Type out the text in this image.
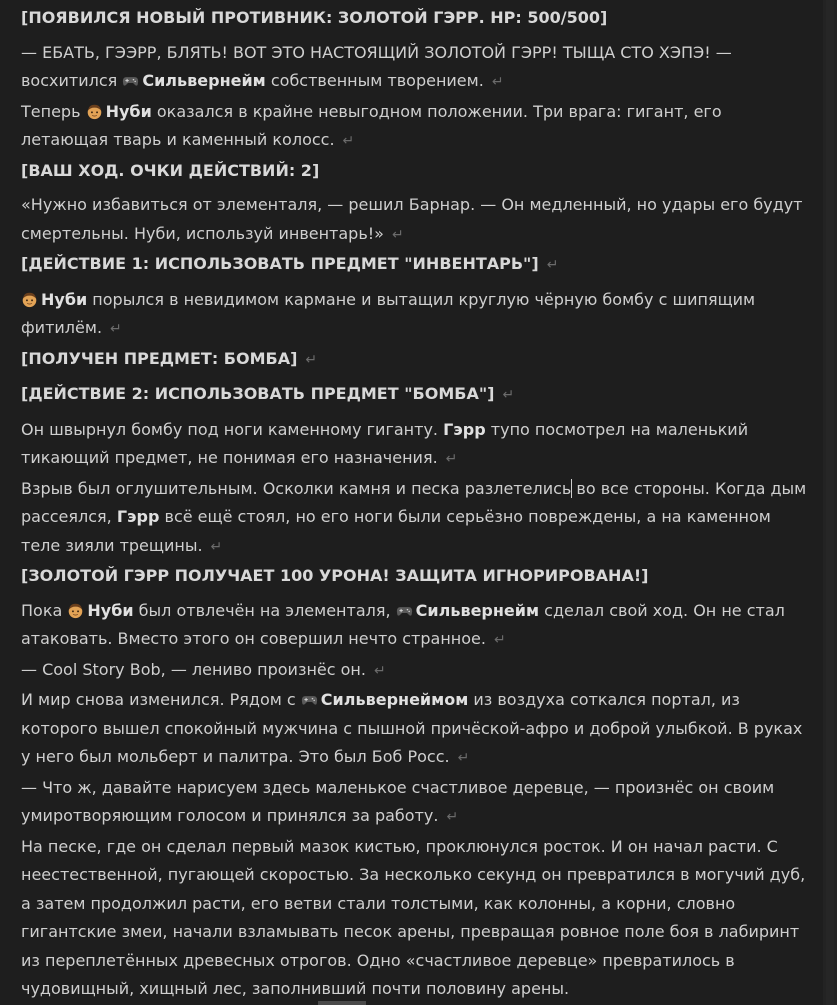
[ПОЯВИЛСЯ НОВЫЙ ПРОТИВНИК: ЗОЛОТОЙ ГЭРР. HP: 500/500]

— ЕБАТЬ, ГЭЭРР, БЛЯТЬ! ВОТ ЭТО НАСТОЯЩИЙ ЗОЛОТОЙ ГЭРР! ТЫЩА СТО ХЭПЭ! — восхитился
Сильвернейм собственным творением. ↵

Теперь
Нуби оказался в крайне невыгодном положении. Три врага: гигант, его летающая тварь и каменный колосс. ↵

[ВАШ ХОД. ОЧКИ ДЕЙСТВИЙ: 2]

«Нужно избавиться от элементаля, — решил Барнар. — Он медленный, но удары его будут смертельны. Нуби, используй инвентарь!» ↵

[ДЕЙСТВИЕ 1: ИСПОЛЬЗОВАТЬ ПРЕДМЕТ "ИНВЕНТАРЬ"] ↵

Нуби порылся в невидимом кармане и вытащил круглую чёрную бомбу с шипящим фитилём. ↵

[ПОЛУЧЕН ПРЕДМЕТ: БОМБА] ↵

[ДЕЙСТВИЕ 2: ИСПОЛЬЗОВАТЬ ПРЕДМЕТ "БОМБА"] ↵

Он швырнул бомбу под ноги каменному гиганту. Гэрр тупо посмотрел на маленький тикающий предмет, не понимая его назначения. ↵

Взрыв был оглушительным. Осколки камня и песка разлетелись во все стороны. Когда дым рассеялся, Гэрр всё ещё стоял, но его ноги были серьёзно повреждены, а на каменном теле зияли трещины. ↵

[ЗОЛОТОЙ ГЭРР ПОЛУЧАЕТ 100 УРОНА! ЗАЩИТА ИГНОРИРОВАНА!]

Пока
Нуби был отвлечён на элементаля,
Сильвернейм сделал свой ход. Он не стал атаковать. Вместо этого он совершил нечто странное. ↵

— Cool Story Bob, — лениво произнёс он. ↵

И мир снова изменился. Рядом с
Сильвернеймом из воздуха соткался портал, из которого вышел спокойный мужчина с пышной причёской-афро и доброй улыбкой. В руках у него был мольберт и палитра. Это был Боб Росс. ↵

— Что ж, давайте нарисуем здесь маленькое счастливое деревце, — произнёс он своим умиротворяющим голосом и принялся за работу. ↵

На песке, где он сделал первый мазок кистью, проклюнулся росток. И он начал расти. С неестественной, пугающей скоростью. За несколько секунд он превратился в могучий дуб, а затем продолжил расти, его ветви стали толстыми, как колонны, а корни, словно гигантские змеи, начали взламывать песок арены, превращая ровное поле боя в лабиринт из переплетённых древесных отрогов. Одно «счастливое деревце» превратилось в чудовищный, хищный лес, заполнивший почти половину арены.
